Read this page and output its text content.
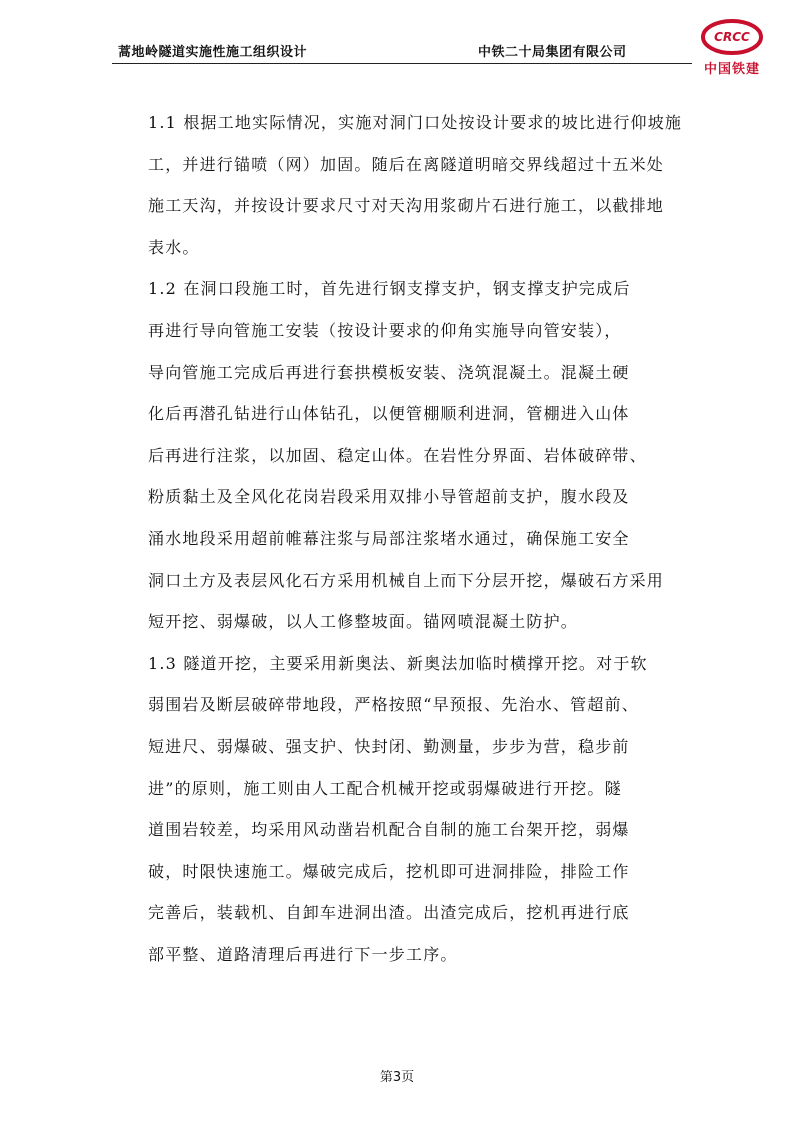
蒿地岭隧道实施性施工组织设计	中铁二十局集团有限公司
CRCC
中国铁建
1.1 根据工地实际情况，实施对洞门口处按设计要求的坡比进行仰坡施
工，并进行锚喷（网）加固。随后在离隧道明暗交界线超过十五米处
施工天沟，并按设计要求尺寸对天沟用浆砌片石进行施工，以截排地
表水。
1.2 在洞口段施工时，首先进行钢支撑支护，钢支撑支护完成后
再进行导向管施工安装（按设计要求的仰角实施导向管安装），
导向管施工完成后再进行套拱模板安装、浇筑混凝土。混凝土硬
化后再潜孔钻进行山体钻孔，以便管棚顺利进洞，管棚进入山体
后再进行注浆，以加固、稳定山体。在岩性分界面、岩体破碎带、
粉质黏土及全风化花岗岩段采用双排小导管超前支护，腹水段及
涌水地段采用超前帷幕注浆与局部注浆堵水通过，确保施工安全
洞口土方及表层风化石方采用机械自上而下分层开挖，爆破石方采用
短开挖、弱爆破，以人工修整坡面。锚网喷混凝土防护。
1.3 隧道开挖，主要采用新奥法、新奥法加临时横撑开挖。对于软
弱围岩及断层破碎带地段，严格按照“早预报、先治水、管超前、
短进尺、弱爆破、强支护、快封闭、勤测量，步步为营，稳步前
进”的原则，施工则由人工配合机械开挖或弱爆破进行开挖。隧
道围岩较差，均采用风动凿岩机配合自制的施工台架开挖，弱爆
破，时限快速施工。爆破完成后，挖机即可进洞排险，排险工作
完善后，装载机、自卸车进洞出渣。出渣完成后，挖机再进行底
部平整、道路清理后再进行下一步工序。
第3页
